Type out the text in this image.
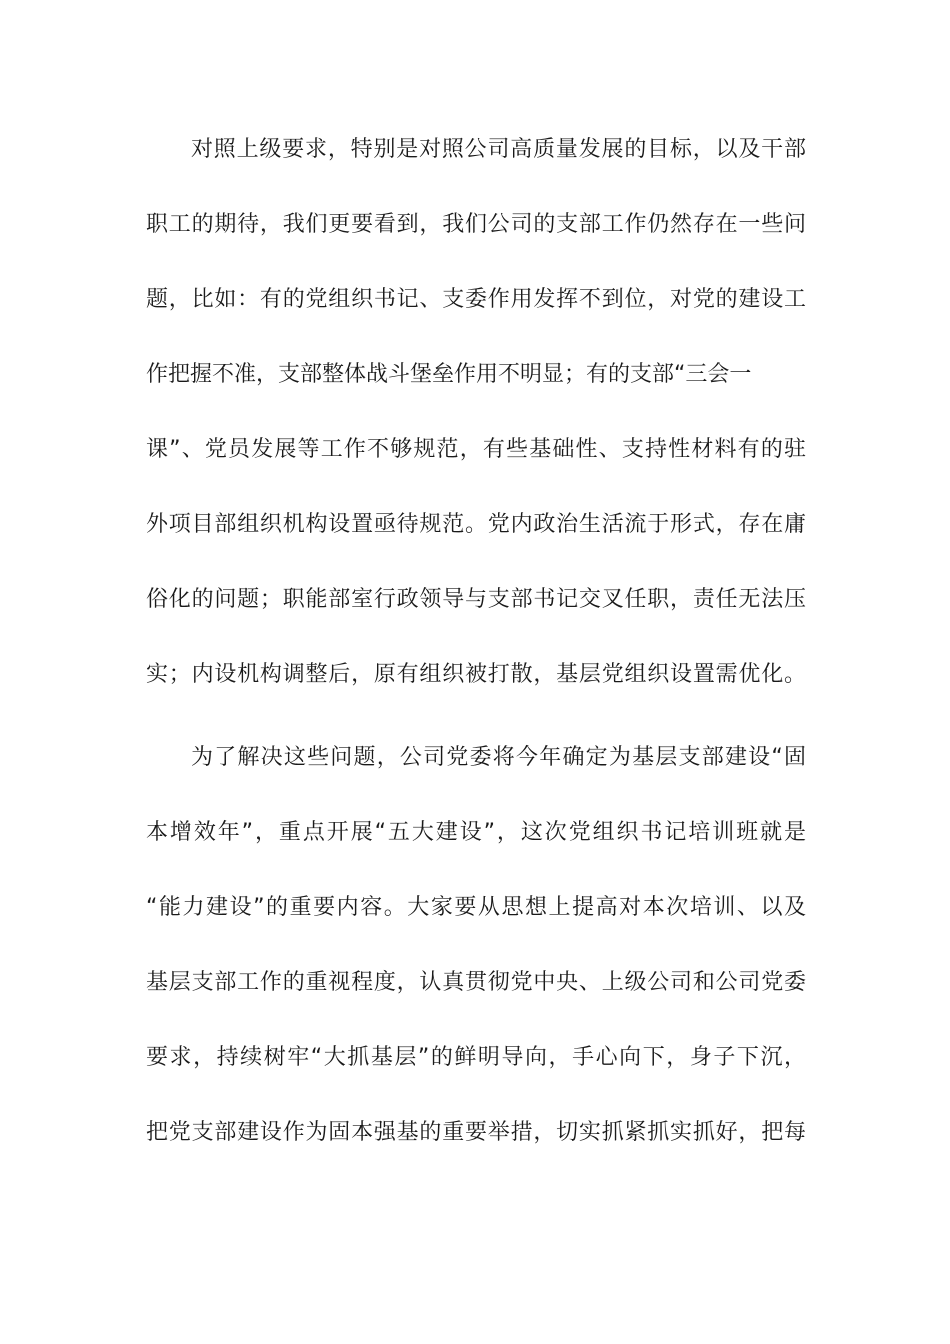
对照上级要求，特别是对照公司高质量发展的目标，以及干部
职工的期待，我们更要看到，我们公司的支部工作仍然存在一些问
题，比如：有的党组织书记、支委作用发挥不到位，对党的建设工
作把握不准，支部整体战斗堡垒作用不明显；有的支部“三会一
课”、党员发展等工作不够规范，有些基础性、支持性材料有的驻
外项目部组织机构设置亟待规范。党内政治生活流于形式，存在庸
俗化的问题；职能部室行政领导与支部书记交叉任职，责任无法压
实；内设机构调整后，原有组织被打散，基层党组织设置需优化。
为了解决这些问题，公司党委将今年确定为基层支部建设“固
本增效年”，重点开展“五大建设”，这次党组织书记培训班就是
“能力建设”的重要内容。大家要从思想上提高对本次培训、以及
基层支部工作的重视程度，认真贯彻党中央、上级公司和公司党委
要求，持续树牢“大抓基层”的鲜明导向，手心向下，身子下沉，
把党支部建设作为固本强基的重要举措，切实抓紧抓实抓好，把每
